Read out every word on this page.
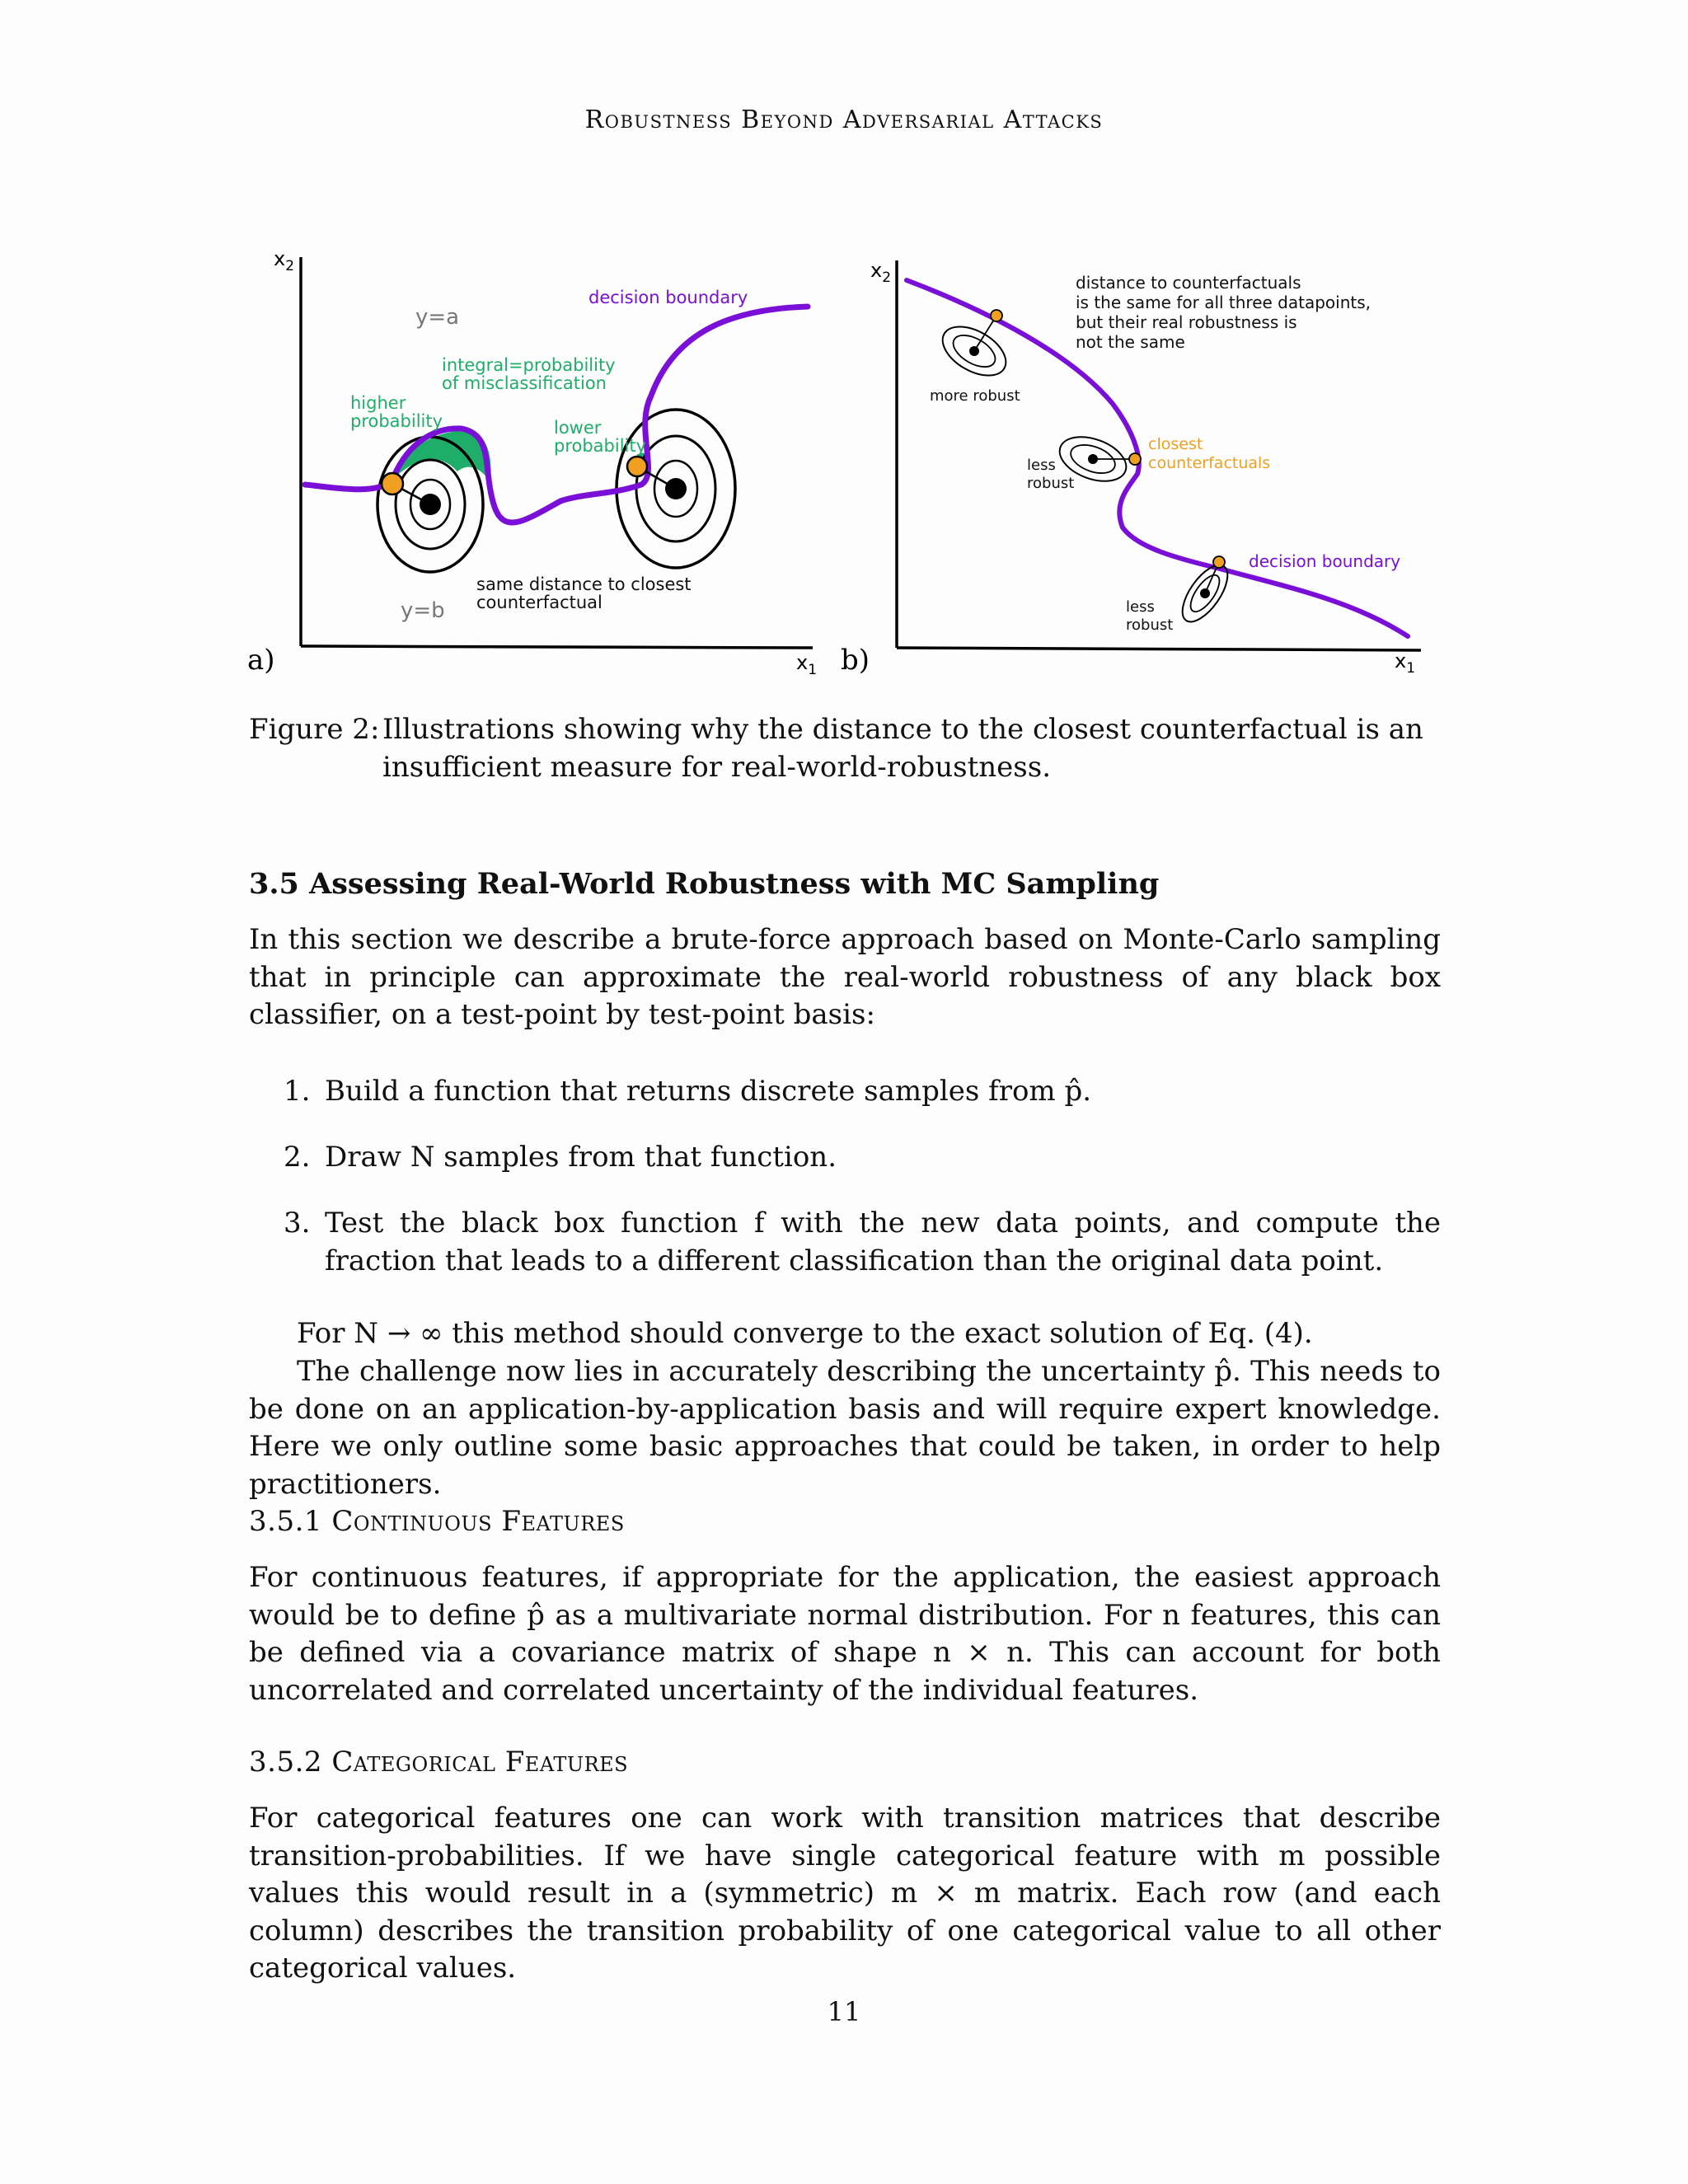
Robustness Beyond Adversarial Attacks
$x_2$
$x_1$
a)
y=a
y=b
decision boundary
integral=probability of misclassification
higher probability	lower probability
same distance to closest counterfactual
$x_2$
$x_1$
b)
distance to counterfactuals is the same for all three datapoints, but their real robustness is not the same
more robust
less robust
less robust
closest counterfactuals
decision boundary
Figure 2: Illustrations showing why the distance to the closest counterfactual is an insufficient measure for real-world-robustness.
3.5 Assessing Real-World Robustness with MC Sampling
In this section we describe a brute-force approach based on Monte-Carlo sampling that in principle can approximate the real-world robustness of any black box classifier, on a test-point by test-point basis:
1. Build a function that returns discrete samples from p̂.
2. Draw N samples from that function.
3. Test the black box function f with the new data points, and compute the fraction that leads to a different classification than the original data point.
For N → ∞ this method should converge to the exact solution of Eq. (4).
The challenge now lies in accurately describing the uncertainty p̂. This needs to be done on an application-by-application basis and will require expert knowledge. Here we only outline some basic approaches that could be taken, in order to help practitioners.
3.5.1 Continuous Features
For continuous features, if appropriate for the application, the easiest approach would be to define p̂ as a multivariate normal distribution. For n features, this can be defined via a covariance matrix of shape n × n. This can account for both uncorrelated and correlated uncertainty of the individual features.
3.5.2 Categorical Features
For categorical features one can work with transition matrices that describe transition-probabilities. If we have single categorical feature with m possible values this would result in a (symmetric) m × m matrix. Each row (and each column) describes the transition probability of one categorical value to all other categorical values.
11
